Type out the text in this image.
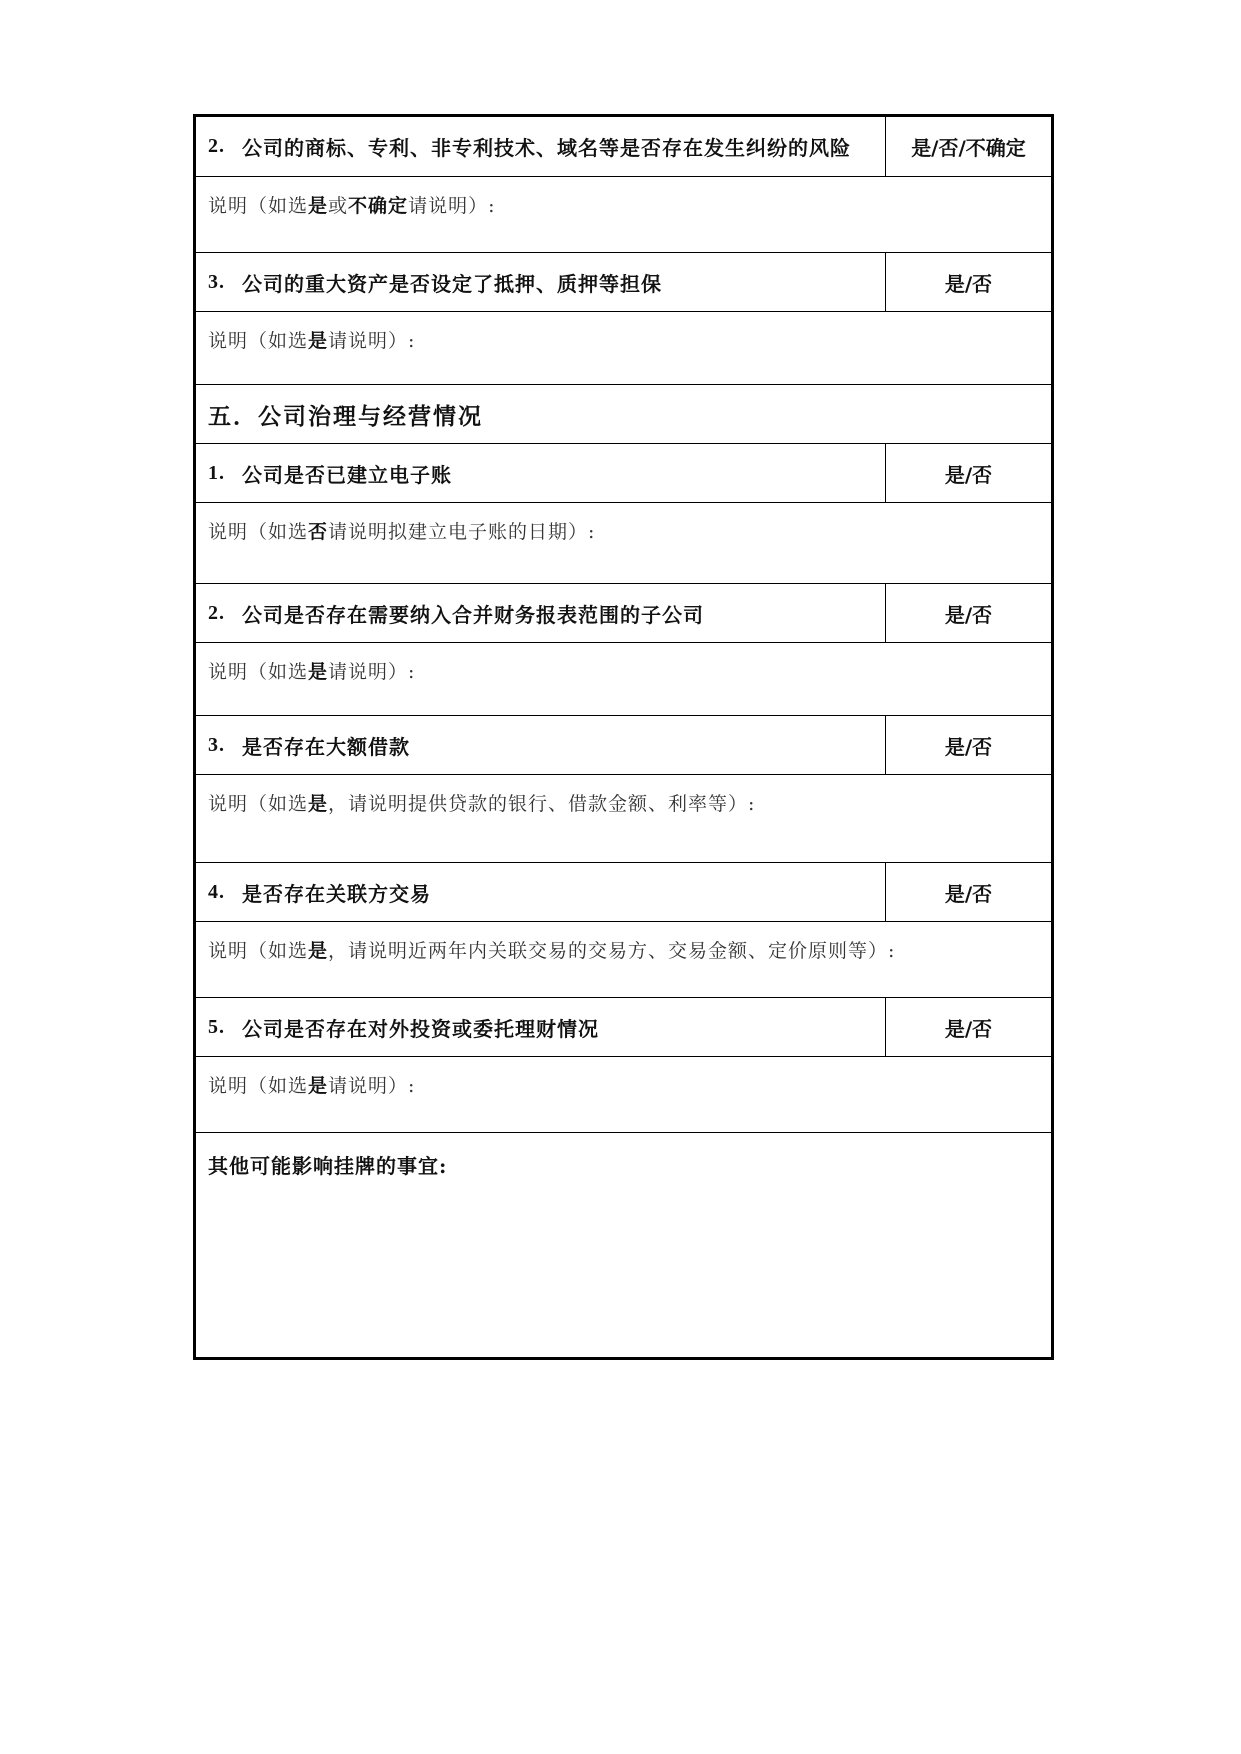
2. 公司的商标、专利、非专利技术、域名等是否存在发生纠纷的风险	是/否/不确定
说明（如选 是 或 不确定 请说明）:
3. 公司的重大资产是否设定了抵押、质押等担保	是/否
说明（如选 是 请说明）:
五．公司治理与经营情况
1. 公司是否已建立电子账	是/否
说明（如选 否 请说明拟建立电子账的日期）:
2. 公司是否存在需要纳入合并财务报表范围的子公司	是/否
说明（如选 是 请说明）:
3. 是否存在大额借款	是/否
说明（如选 是 ，请说明提供贷款的银行、借款金额、利率等）:
4. 是否存在关联方交易	是/否
说明（如选 是 ，请说明近两年内关联交易的交易方、交易金额、定价原则等）:
5. 公司是否存在对外投资或委托理财情况	是/否
说明（如选 是 请说明）:
其他可能影响挂牌的事宜:
